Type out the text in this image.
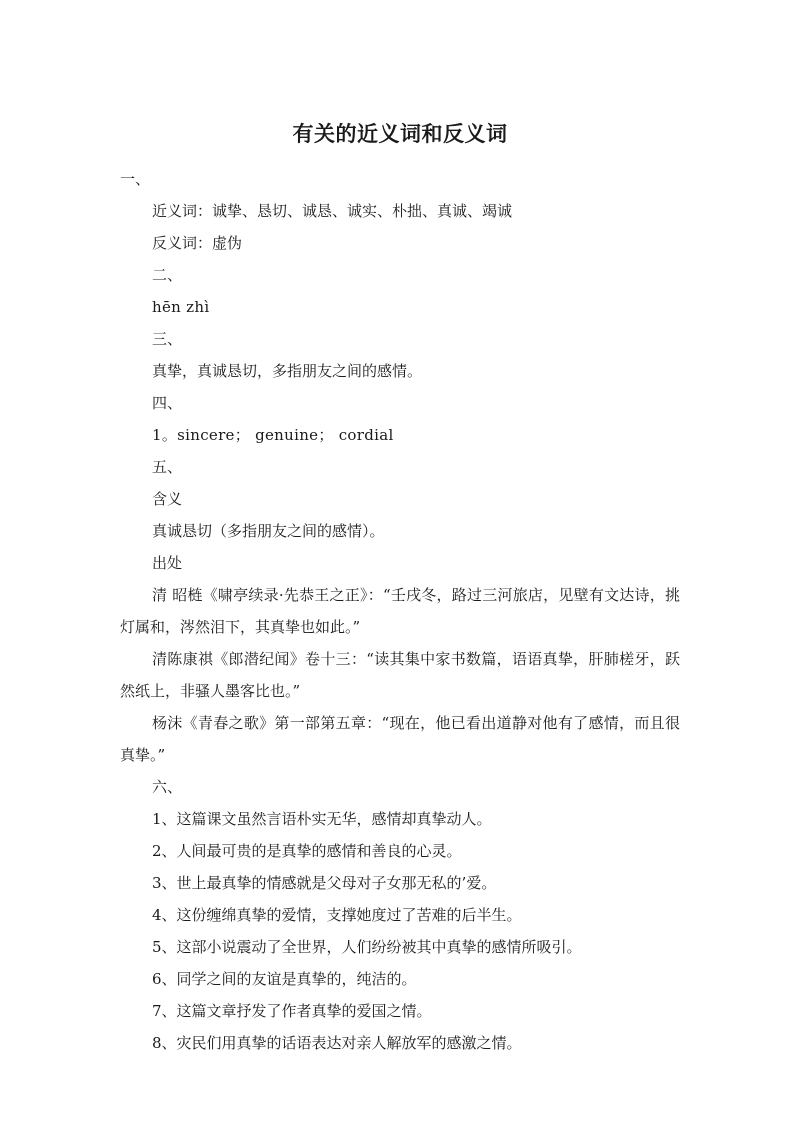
有关的近义词和反义词

一、

近义词：诚挚、恳切、诚恳、诚实、朴拙、真诚、竭诚

反义词：虚伪

二、

hēn zhì

三、

真挚，真诚恳切，多指朋友之间的感情。

四、

1。sincere； genuine； cordial

五、

含义

真诚恳切（多指朋友之间的感情）。

出处

清 昭梿《啸亭续录·先恭王之正》：“壬戌冬，路过三河旅店，见壁有文达诗，挑灯属和，涔然泪下，其真挚也如此。”

清陈康祺《郎潜纪闻》卷十三：“读其集中家书数篇，语语真挚，肝肺槎牙，跃然纸上，非骚人墨客比也。”

杨沫《青春之歌》第一部第五章：“现在，他已看出道静对他有了感情，而且很真挚。”

六、

1、这篇课文虽然言语朴实无华，感情却真挚动人。

2、人间最可贵的是真挚的感情和善良的心灵。

3、世上最真挚的情感就是父母对子女那无私的’爱。

4、这份缠绵真挚的爱情，支撑她度过了苦难的后半生。

5、这部小说震动了全世界，人们纷纷被其中真挚的感情所吸引。

6、同学之间的友谊是真挚的，纯洁的。

7、这篇文章抒发了作者真挚的爱国之情。

8、灾民们用真挚的话语表达对亲人解放军的感激之情。
